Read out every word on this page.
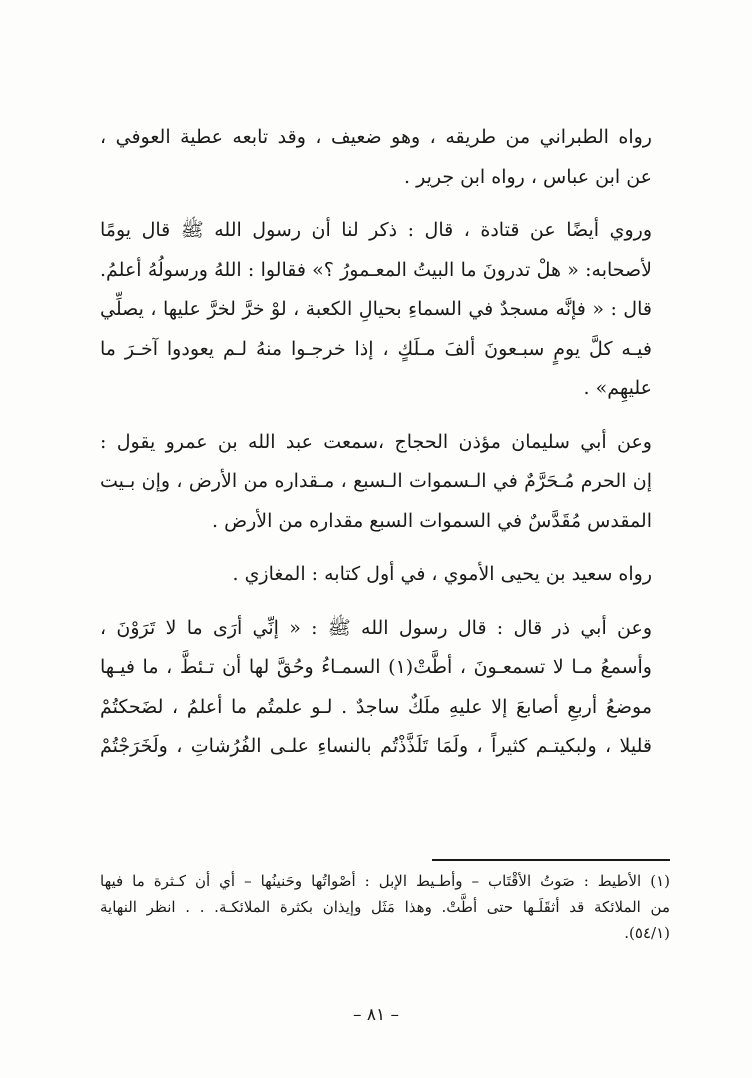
رواه الطبراني من طريقه ، وهو ضعيف ، وقد تابعه عطية العوفي ،
عن ابن عباس ، رواه ابن جرير .

وروي أيضًا عن قتادة ، قال : ذكر لنا أن رسول الله ﷺ قال يومًا
لأصحابه: « هلْ تدرونَ ما البيتُ المعـمورُ ؟» فقالوا : اللهُ ورسولُهُ أعلمُ.
قال : « فإنَّه مسجدٌ في السماءِ بحيالِ الكعبة ، لوْ خرَّ لخرَّ عليها ، يصلِّي
فيـه كلَّ يومٍ سبـعونَ ألفَ مـلَكٍ ، إذا خرجـوا منهُ لـم يعودوا آخـرَ ما
عليهِم» .

وعن أبي سليمان مؤذن الحجاج ،سمعت عبد الله بن عمرو يقول :
إن الحرم مُـحَرَّمٌ في الـسموات الـسبع ، مـقداره من الأرض ، وإن بـيت
المقدس مُقَدَّسٌ في السموات السبع مقداره من الأرض .

رواه سعيد بن يحيى الأموي ، في أول كتابه : المغازي .

وعن أبي ذر قال : قال رسول الله ﷺ : « إنِّي أرَى ما لا تَرَوْنَ ،
وأسمعُ مـا لا تسمعـونَ ، أطَّتْ(١) السمـاءُ وحُقَّ لها أن تـئطَّ ، ما فيـها
موضعُ أربعِ أصابعَ إلا عليهِ ملَكٌ ساجدٌ . لـو علمتُم ما أعلمُ ، لضَحكتُمْ
قليلا ، ولبكيتـم كثيراً ، ولَمَا تَلَذَّذْتُم بالنساءِ علـى الفُرُشاتِ ، ولَخَرَجْتُمْ

(١) الأطيط : صَوتُ الأقْتَاب – وأطـيط الإبل : أصْواتُها وحَنينُها – أي أن كـثرة ما فيها
من الملائكة قد أثقَلَـها حتى أطَّتْ. وهذا مَثَل وإيذان بكثرة الملائكـة. . . انظر النهاية
(٥٤/١).
– ٨١ –
